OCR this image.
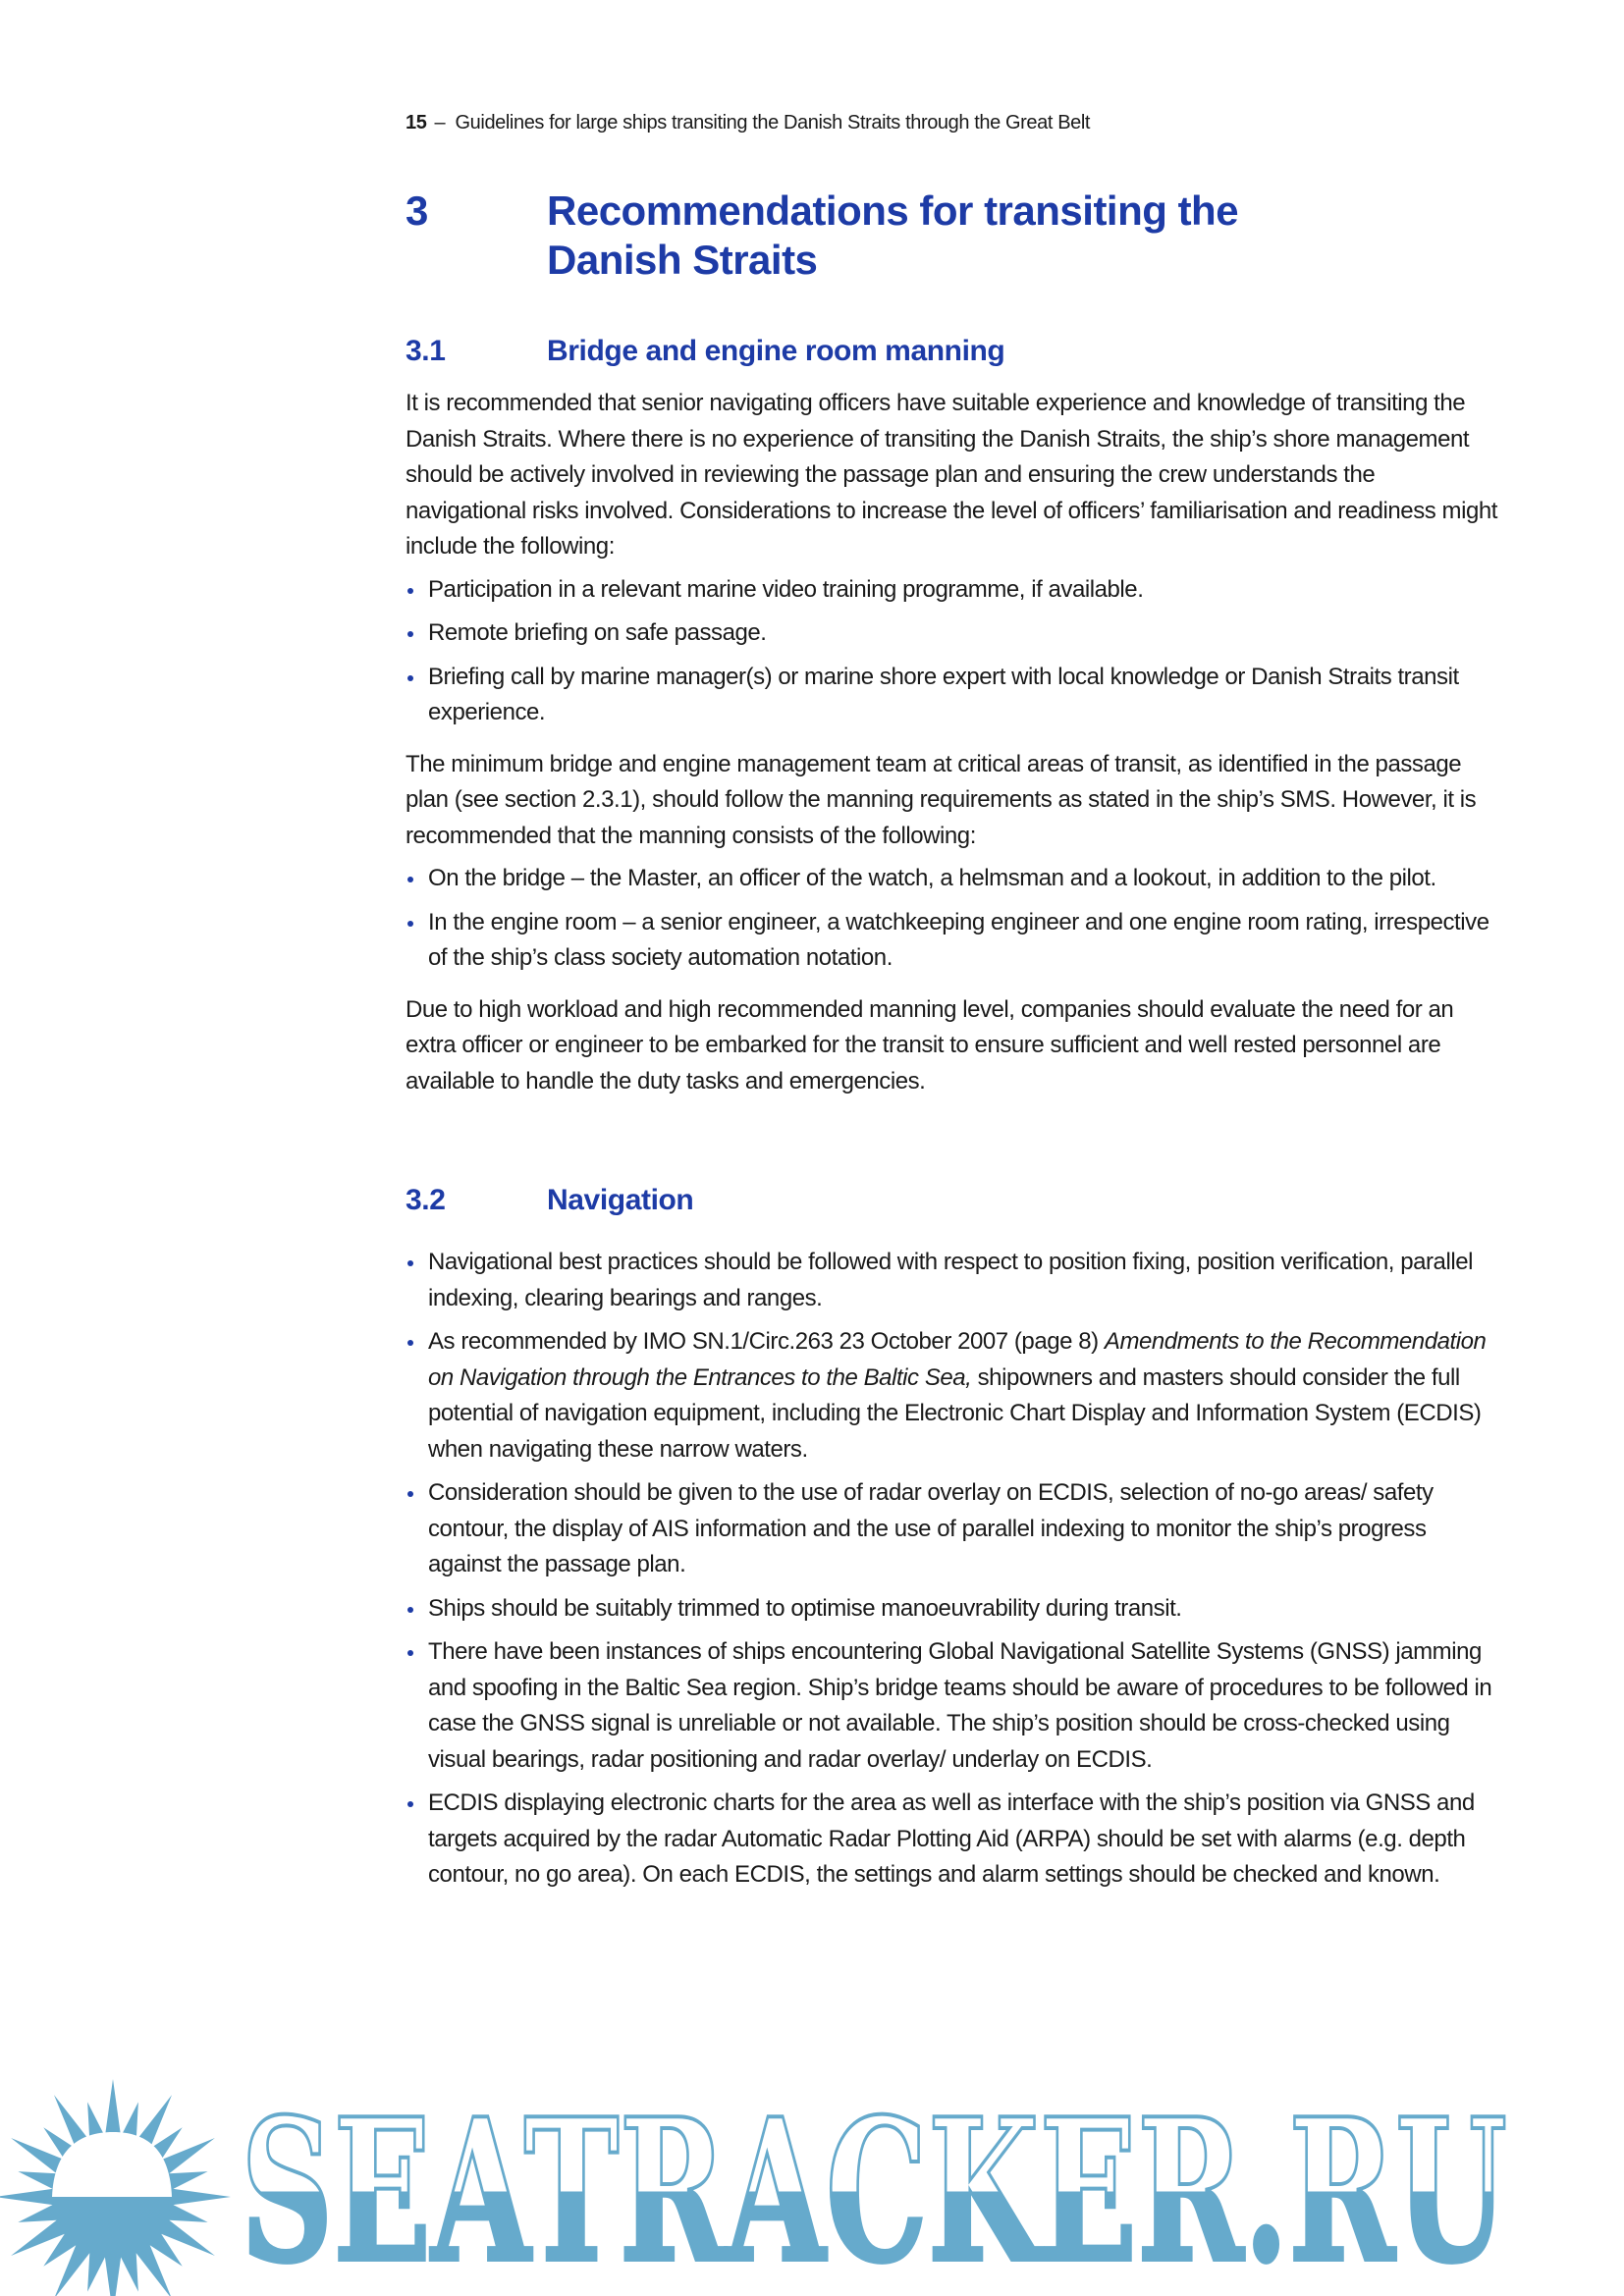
15 – Guidelines for large ships transiting the Danish Straits through the Great Belt
3	Recommendations for transiting the
Danish Straits
3.1	Bridge and engine room manning

It is recommended that senior navigating officers have suitable experience and knowledge of transiting the Danish Straits. Where there is no experience of transiting the Danish Straits, the ship’s shore management should be actively involved in reviewing the passage plan and ensuring the crew understands the navigational risks involved. Considerations to increase the level of officers’ familiarisation and readiness might include the following:

Participation in a relevant marine video training programme, if available.
Remote briefing on safe passage.
Briefing call by marine manager(s) or marine shore expert with local knowledge or Danish Straits transit experience.

The minimum bridge and engine management team at critical areas of transit, as identified in the passage plan (see section 2.3.1), should follow the manning requirements as stated in the ship’s SMS. However, it is recommended that the manning consists of the following:

On the bridge – the Master, an officer of the watch, a helmsman and a lookout, in addition to the pilot.
In the engine room – a senior engineer, a watchkeeping engineer and one engine room rating, irrespective of the ship’s class society automation notation.

Due to high workload and high recommended manning level, companies should evaluate the need for an extra officer or engineer to be embarked for the transit to ensure sufficient and well rested personnel are available to handle the duty tasks and emergencies.

3.2	Navigation
Navigational best practices should be followed with respect to position fixing, position verification, parallel indexing, clearing bearings and ranges.
As recommended by IMO SN.1/Circ.263 23 October 2007 (page 8) Amendments to the Recommendation on Navigation through the Entrances to the Baltic Sea, shipowners and masters should consider the full potential of navigation equipment, including the Electronic Chart Display and Information System (ECDIS) when navigating these narrow waters.
Consideration should be given to the use of radar overlay on ECDIS, selection of no-go areas/ safety contour, the display of AIS information and the use of parallel indexing to monitor the ship’s progress against the passage plan.
Ships should be suitably trimmed to optimise manoeuvrability during transit.
There have been instances of ships encountering Global Navigational Satellite Systems (GNSS) jamming and spoofing in the Baltic Sea region. Ship’s bridge teams should be aware of procedures to be followed in case the GNSS signal is unreliable or not available. The ship’s position should be cross-checked using visual bearings, radar positioning and radar overlay/ underlay on ECDIS.
ECDIS displaying electronic charts for the area as well as interface with the ship’s position via GNSS and targets acquired by the radar Automatic Radar Plotting Aid (ARPA) should be set with alarms (e.g. depth contour, no go area). On each ECDIS, the settings and alarm settings should be checked and known.
SEATRACKER.RU
